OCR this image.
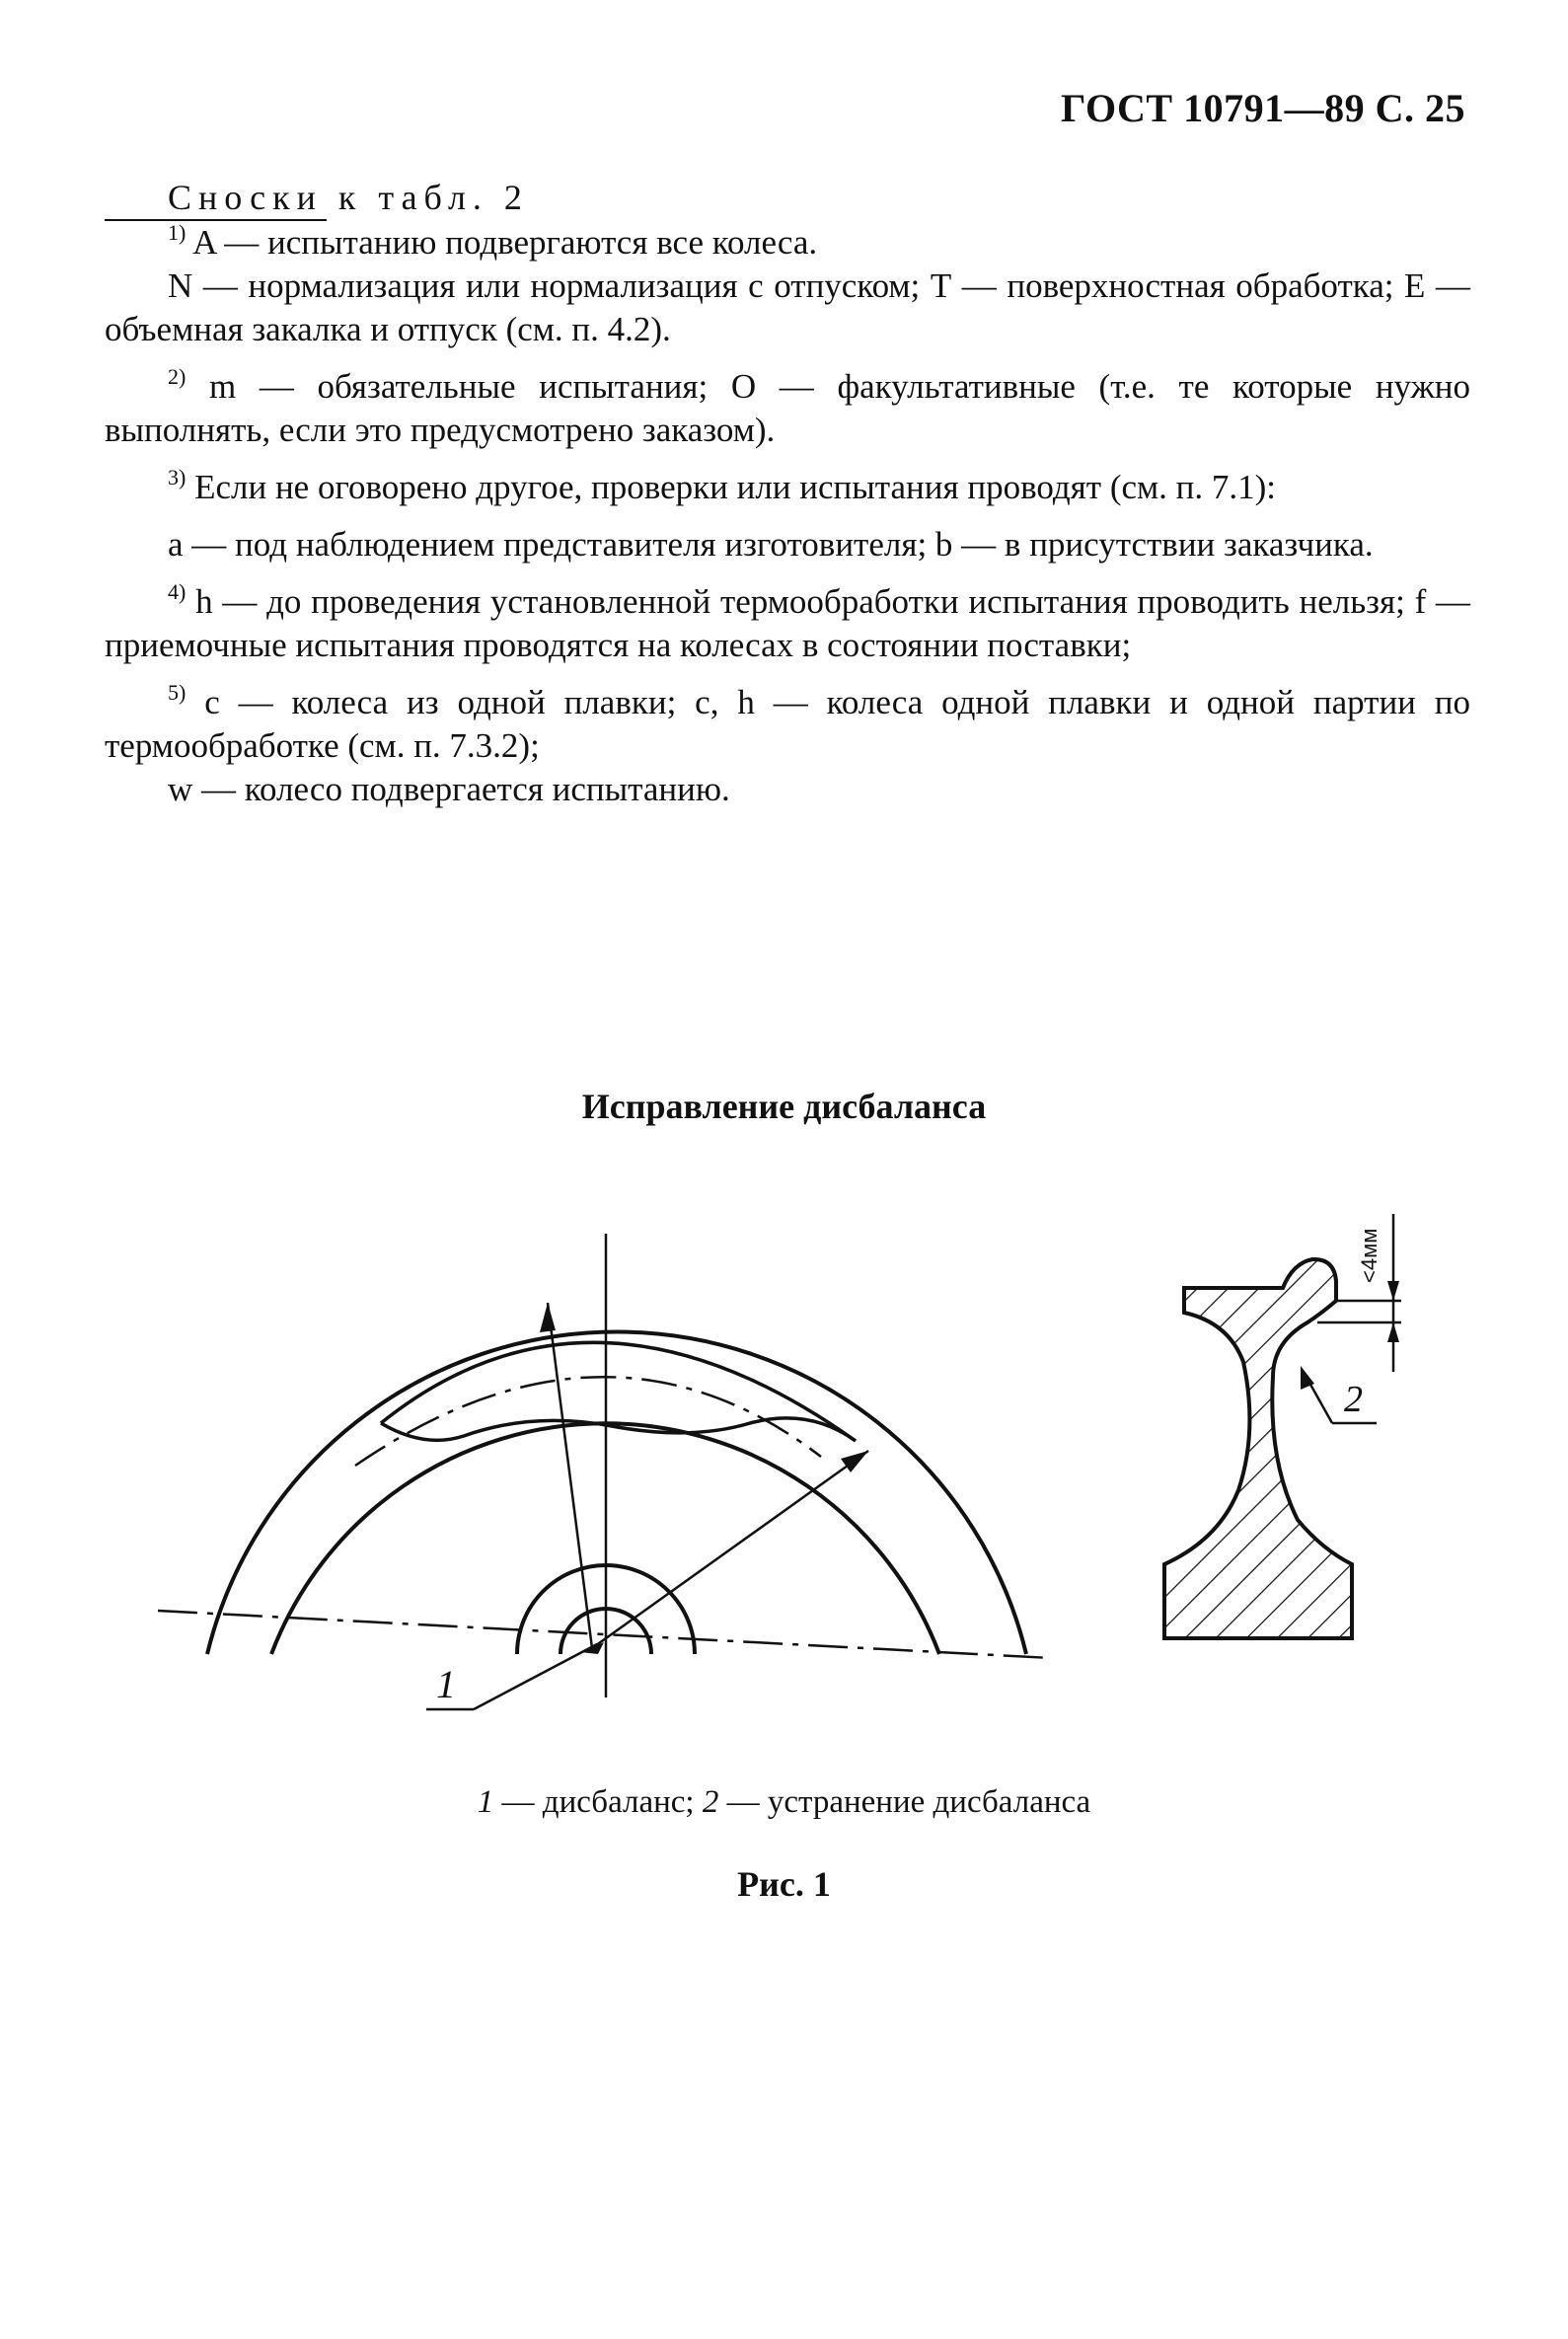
ГОСТ 10791—89 С. 25
Сноски к табл. 2

$^{1)}$ A — испытанию подвергаются все колеса.

N — нормализация или нормализация с отпуском; Т — поверхностная обработка; E — объемная закалка и отпуск (см. п. 4.2).

$^{2)}$ m — обязательные испытания; О — факультативные (т.е. те которые нужно выполнять, если это предусмотрено заказом).

$^{3)}$ Если не оговорено другое, проверки или испытания проводят (см. п. 7.1):

a — под наблюдением представителя изготовителя; b — в присутствии заказчика.

$^{4)}$ h — до проведения установленной термообработки испытания проводить нельзя; f — приемочные испытания проводятся на колесах в состоянии поставки;

$^{5)}$ с — колеса из одной плавки; с, h — колеса одной плавки и одной партии по термообработке (см. п. 7.3.2);

w — колесо подвергается испытанию.

Исправление дисбаланса
1
2
<4мм
1 — дисбаланс; 2 — устранение дисбаланса
Рис. 1
